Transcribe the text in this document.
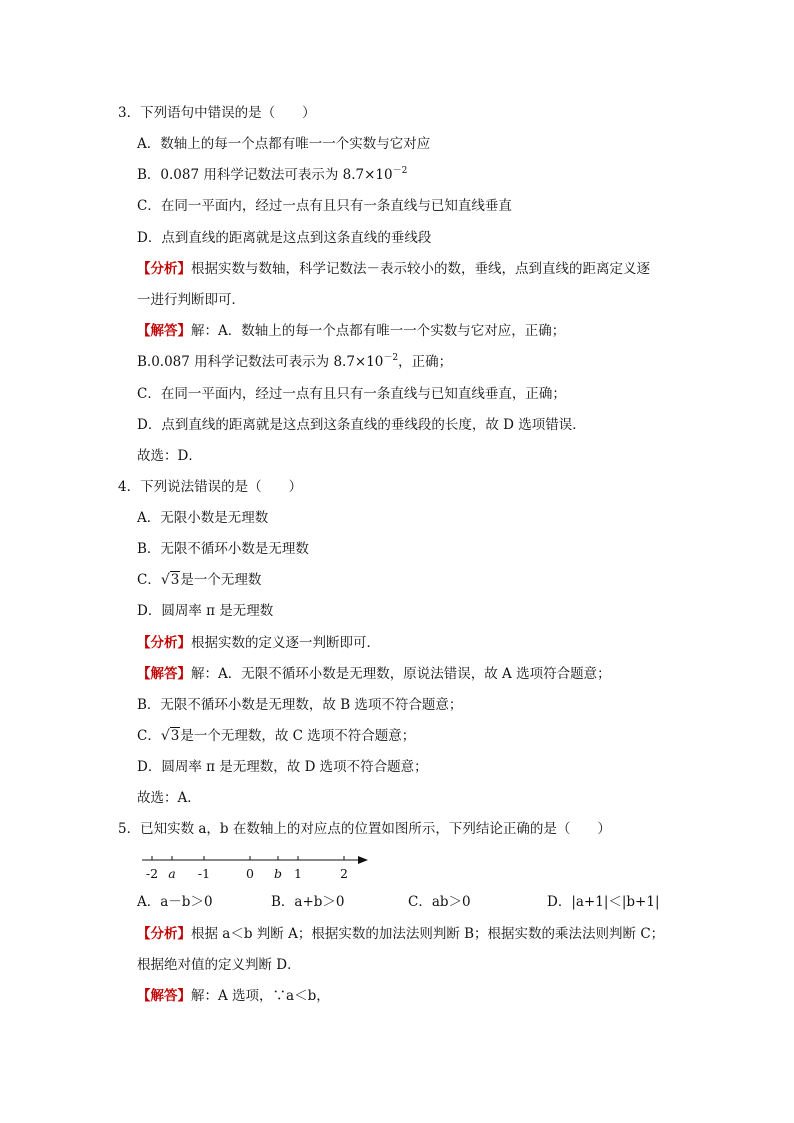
3．下列语句中错误的是（　　）
A．数轴上的每一个点都有唯一一个实数与它对应
B．0.087 用科学记数法可表示为 $8.7\times 10^{-2}$
C．在同一平面内，经过一点有且只有一条直线与已知直线垂直
D．点到直线的距离就是这点到这条直线的垂线段
【分析】根据实数与数轴，科学记数法－表示较小的数，垂线，点到直线的距离定义逐
一进行判断即可．
【解答】解：A．数轴上的每一个点都有唯一一个实数与它对应，正确；
B.0.087 用科学记数法可表示为 $8.7\times 10^{-2}$，正确；
C．在同一平面内，经过一点有且只有一条直线与已知直线垂直，正确；
D．点到直线的距离就是这点到这条直线的垂线段的长度，故 D 选项错误．
故选：D．
4．下列说法错误的是（　　）
A．无限小数是无理数
B．无限不循环小数是无理数
C．√3是一个无理数
D．圆周率 π 是无理数
【分析】根据实数的定义逐一判断即可．
【解答】解：A．无限不循环小数是无理数，原说法错误，故 A 选项符合题意；
B．无限不循环小数是无理数，故 B 选项不符合题意；
C．√3是一个无理数，故 C 选项不符合题意；
D．圆周率 π 是无理数，故 D 选项不符合题意；
故选：A．
5．已知实数 a，b 在数轴上的对应点的位置如图所示，下列结论正确的是（　　）
-2 a -1	0 b 1	2
A．a－b＞0	B．a+b＞0	C．ab＞0	D．|a+1|＜|b+1|
【分析】根据 a＜b 判断 A；根据实数的加法法则判断 B；根据实数的乘法法则判断 C；
根据绝对值的定义判断 D．
【解答】解：A 选项，∵a＜b，
